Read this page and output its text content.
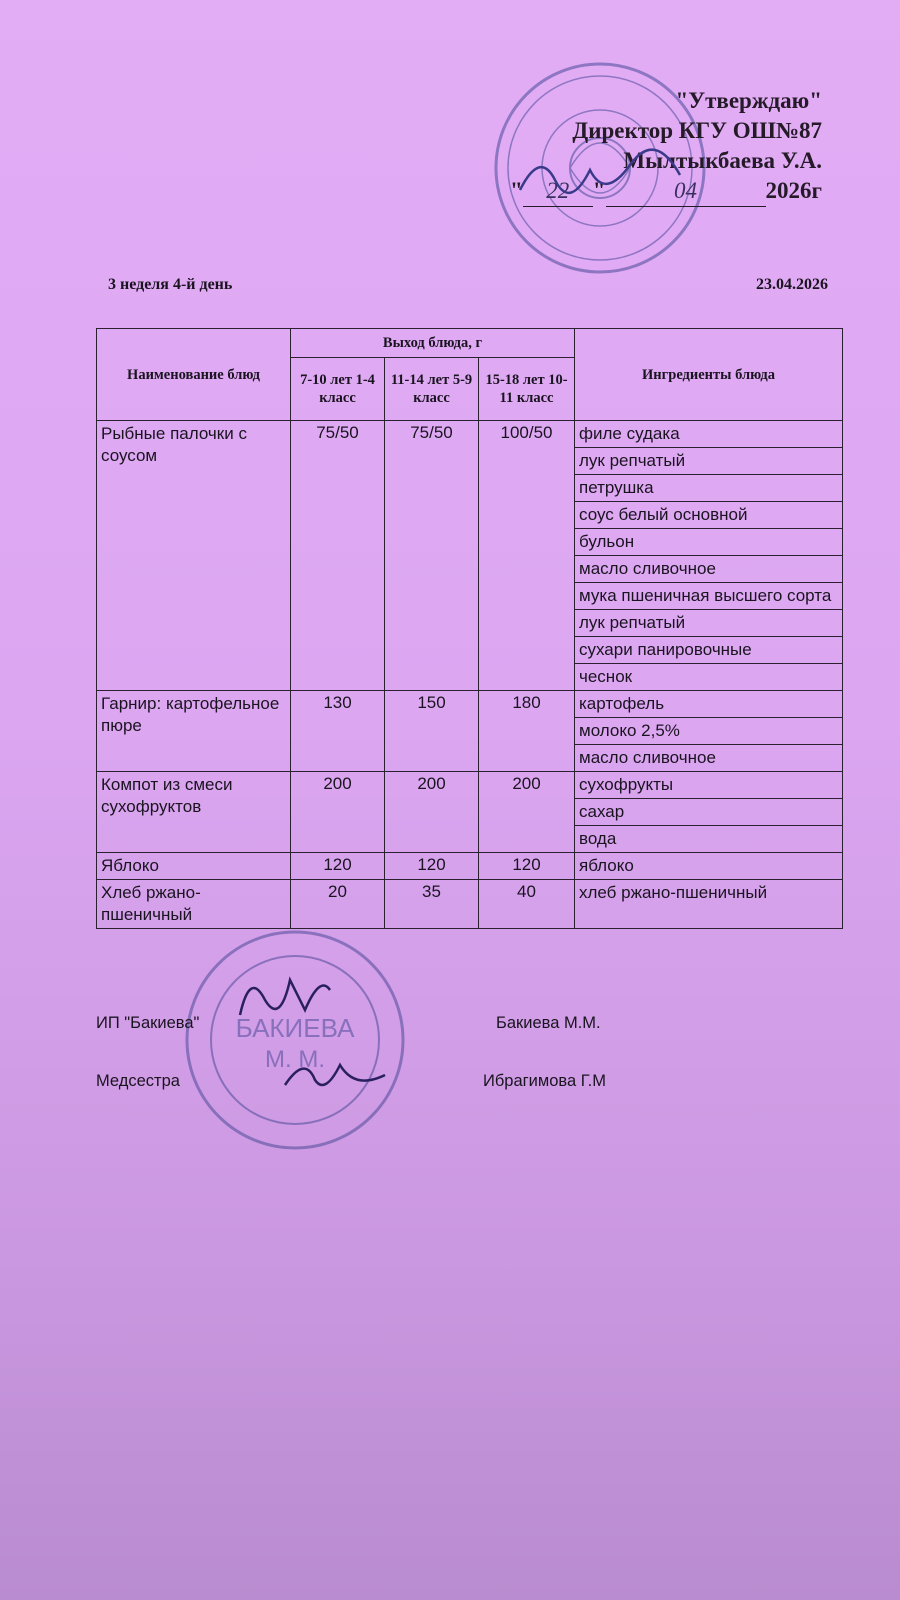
"Утверждаю"
Директор КГУ ОШ№87
Мылтыкбаева У.А.
"	22	"	04	2026г
3 неделя 4-й день	23.04.2026
Наименование блюд	Выход блюда, г			Ингредиенты блюда
	7-10 лет 1-4 класс	11-14 лет 5-9 класс	15-18 лет 10-11 класс	
Рыбные палочки с соусом	75/50	75/50	100/50	филе судака
				лук репчатый
				петрушка
				соус белый основной
				бульон
				масло сливочное
				мука пшеничная высшего сорта
				лук репчатый
				сухари панировочные
				чеснок
Гарнир: картофельное пюре	130	150	180	картофель
				молоко 2,5%
				масло сливочное
Компот из смеси сухофруктов	200	200	200	сухофрукты
				сахар
				вода
Яблоко	120	120	120	яблоко
Хлеб ржано-пшеничный	20	35	40	хлеб ржано-пшеничный
БАКИЕВА
М. М.
ИП "Бакиева"	Бакиева М.М.
Медсестра	Ибрагимова Г.М
